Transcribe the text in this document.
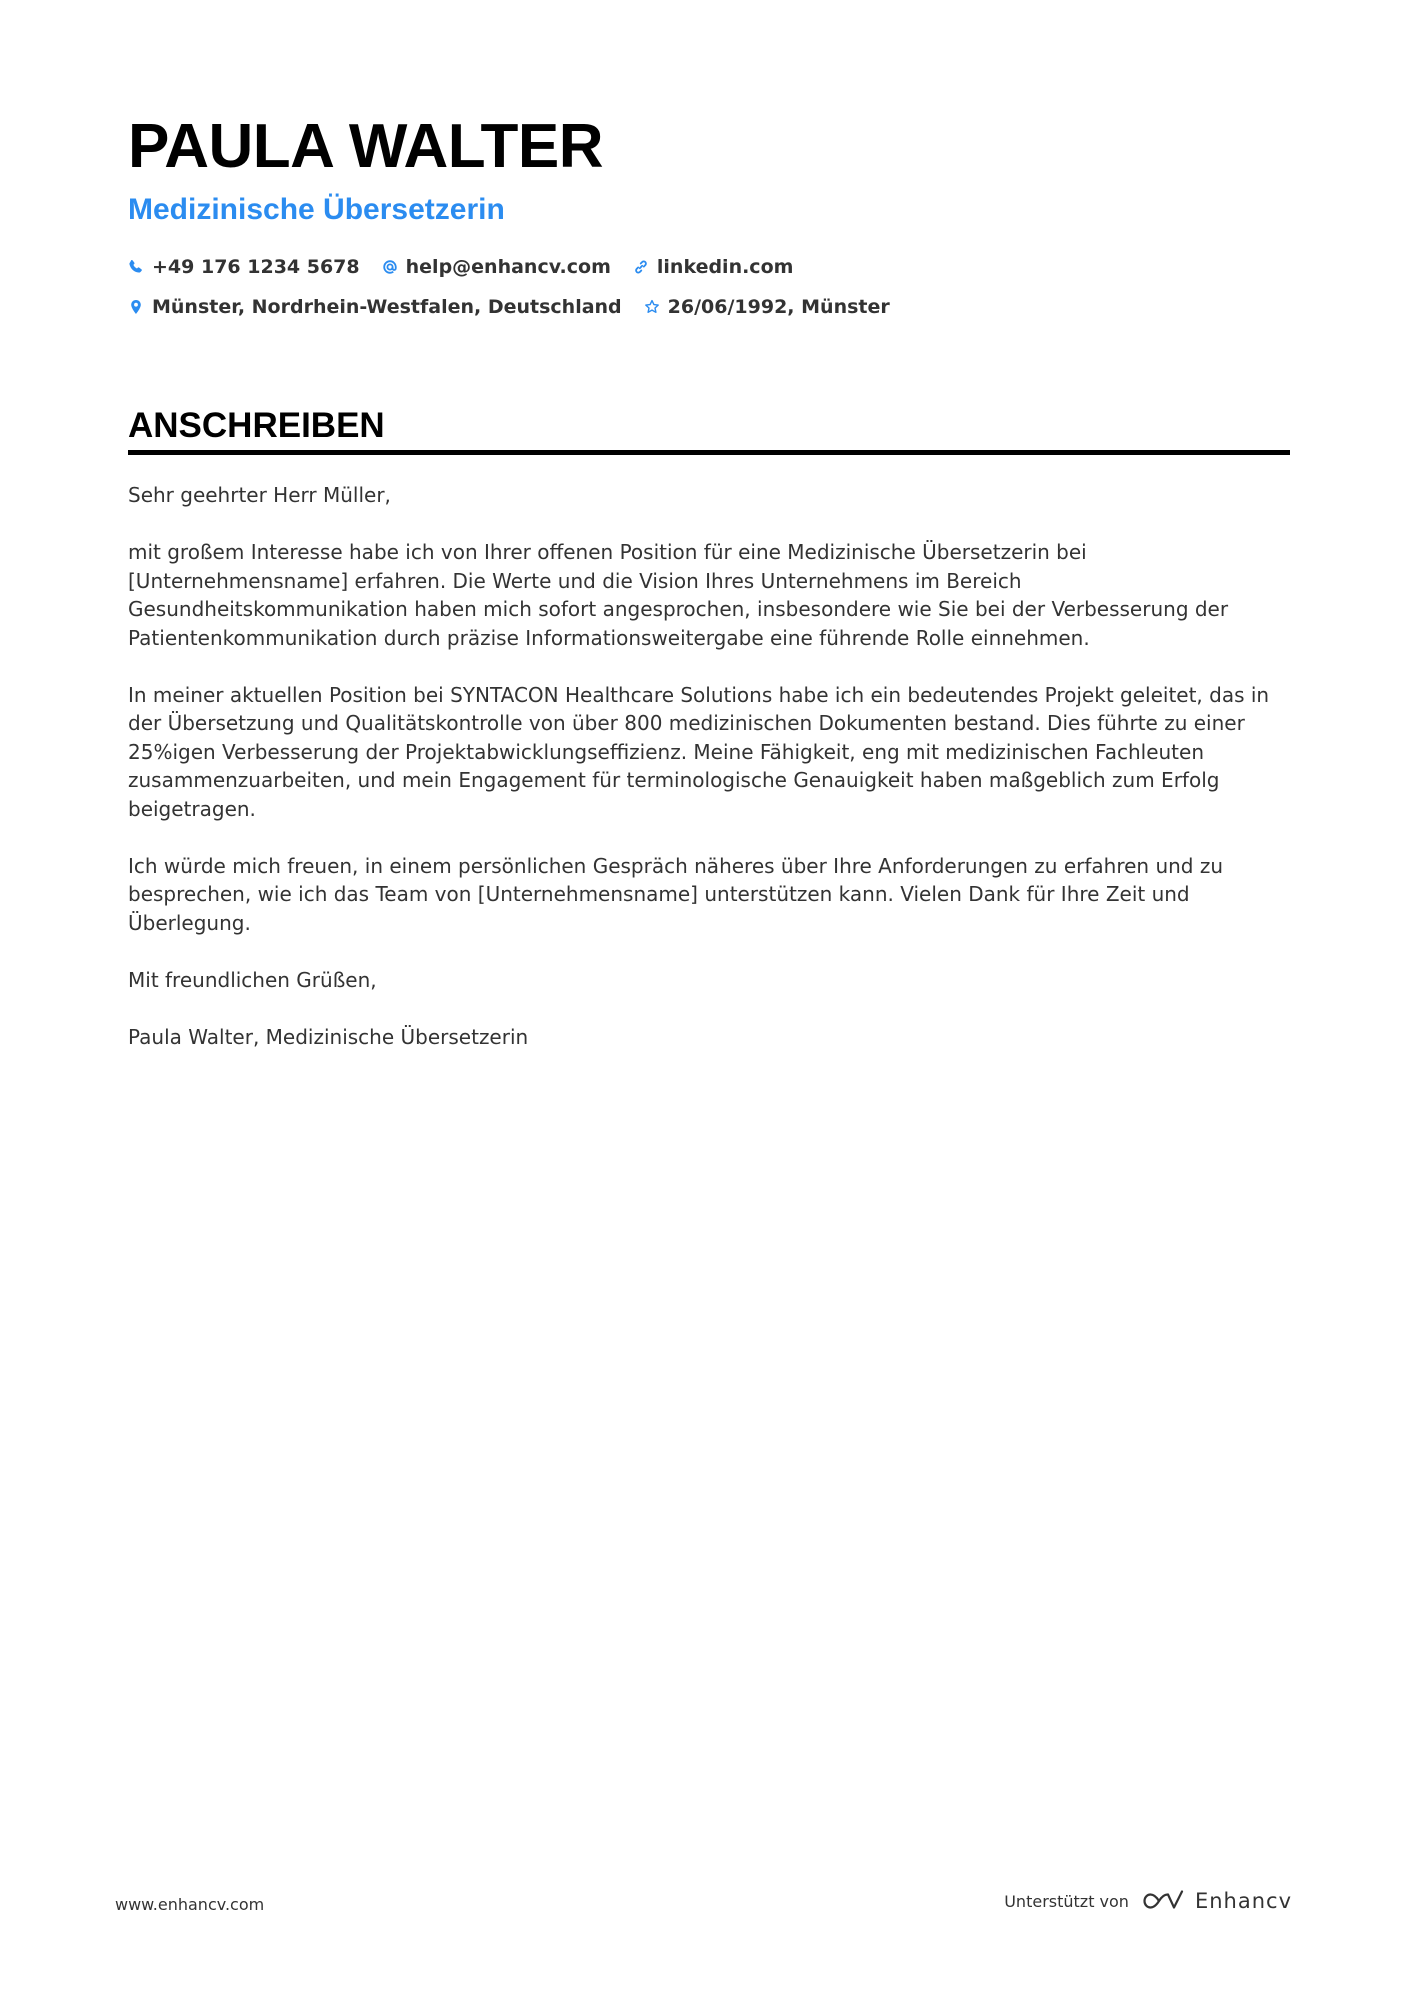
PAULA WALTER
Medizinische Übersetzerin
+49 176 1234 5678 help@enhancv.com linkedin.com
Münster, Nordrhein-Westfalen, Deutschland 26/06/1992, Münster
ANSCHREIBEN

Sehr geehrter Herr Müller,

mit großem Interesse habe ich von Ihrer offenen Position für eine Medizinische Übersetzerin bei [Unternehmensname] erfahren. Die Werte und die Vision Ihres Unternehmens im Bereich Gesundheitskommunikation haben mich sofort angesprochen, insbesondere wie Sie bei der Verbesserung der Patientenkommunikation durch präzise Informationsweitergabe eine führende Rolle einnehmen.

In meiner aktuellen Position bei SYNTACON Healthcare Solutions habe ich ein bedeutendes Projekt geleitet, das in der Übersetzung und Qualitätskontrolle von über 800 medizinischen Dokumenten bestand. Dies führte zu einer 25%igen Verbesserung der Projektabwicklungseffizienz. Meine Fähigkeit, eng mit medizinischen Fachleuten zusammenzuarbeiten, und mein Engagement für terminologische Genauigkeit haben maßgeblich zum Erfolg beigetragen.

Ich würde mich freuen, in einem persönlichen Gespräch näheres über Ihre Anforderungen zu erfahren und zu besprechen, wie ich das Team von [Unternehmensname] unterstützen kann. Vielen Dank für Ihre Zeit und Überlegung.

Mit freundlichen Grüßen,

Paula Walter, Medizinische Übersetzerin

www.enhancv.com	Unterstützt von	Enhancv
